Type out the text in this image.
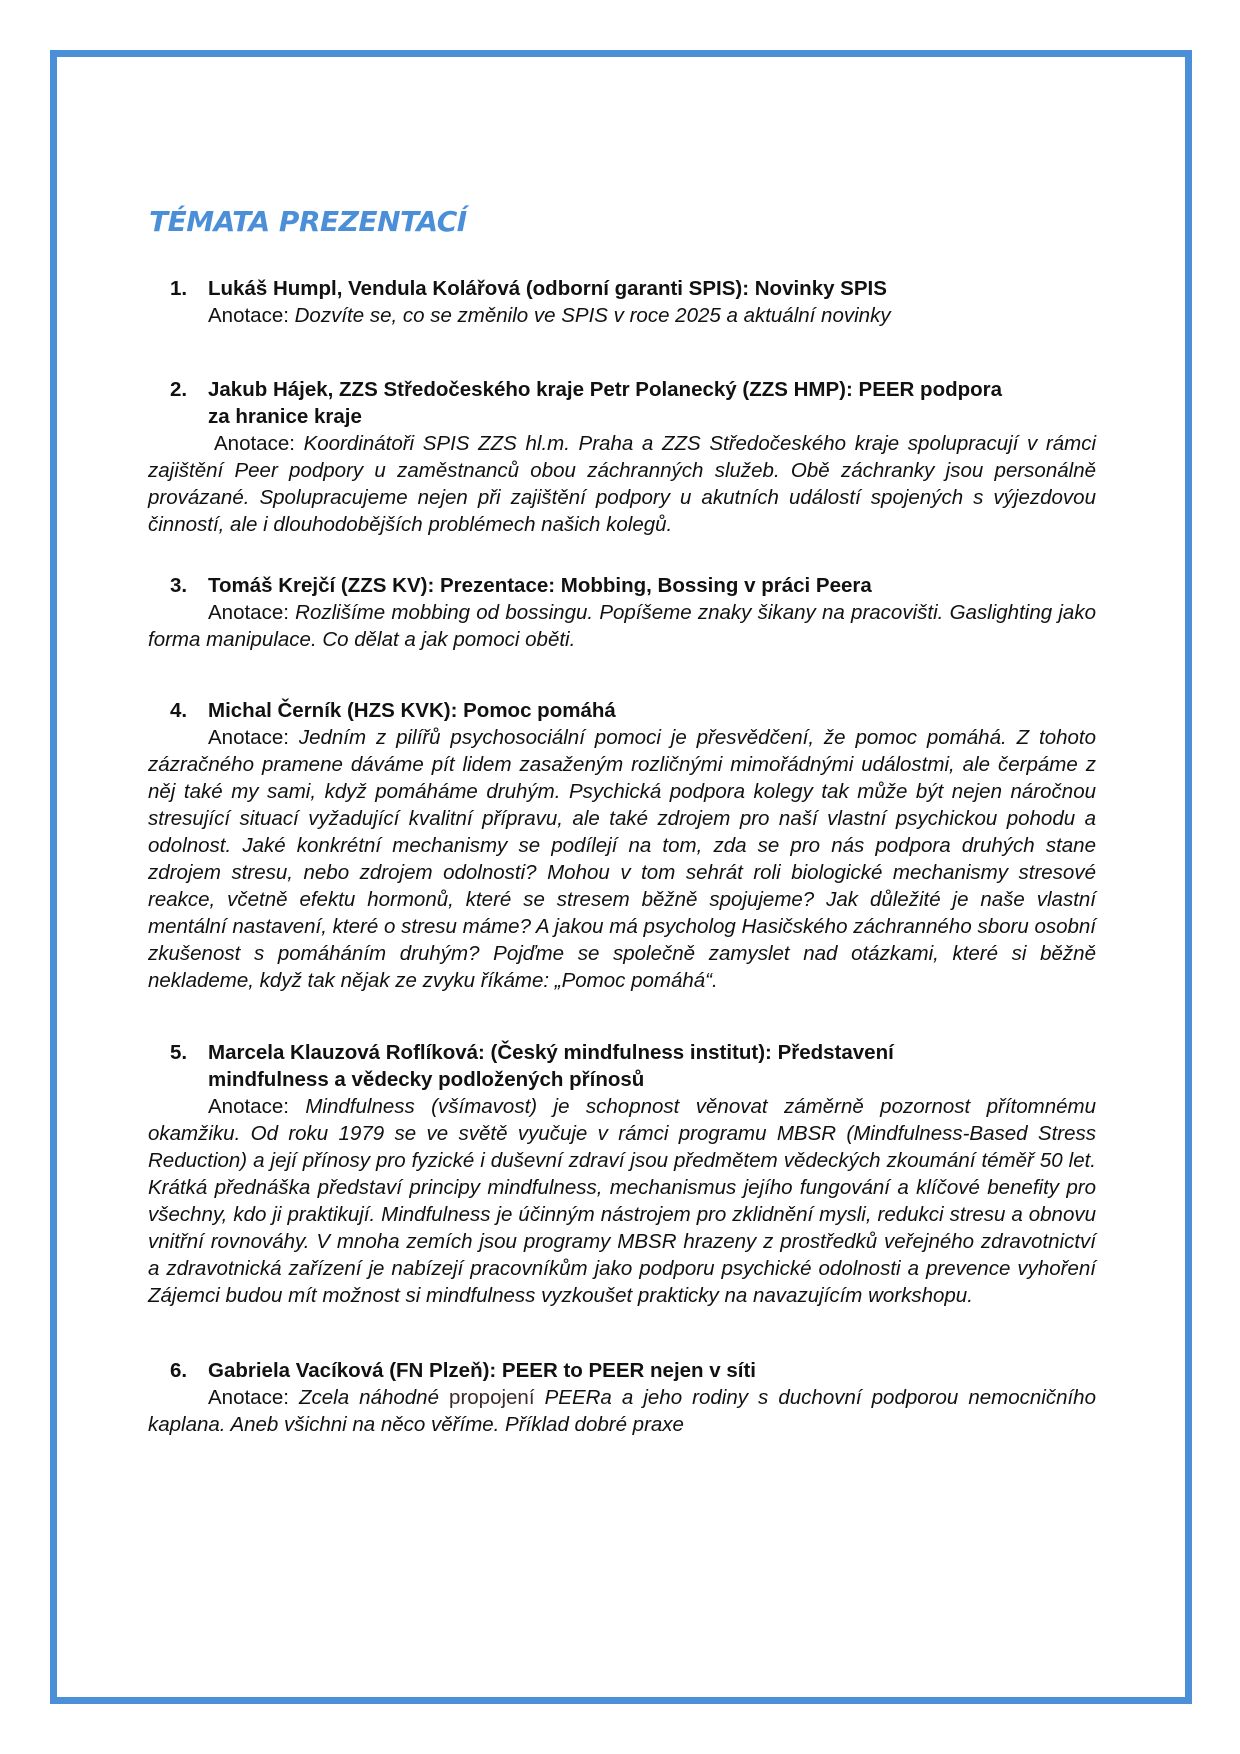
TÉMATA PREZENTACÍ
1.	Lukáš Humpl, Vendula Kolářová (odborní garanti SPIS): Novinky SPIS
Anotace: Dozvíte se, co se změnilo ve SPIS v roce 2025 a aktuální novinky
2.	Jakub Hájek, ZZS Středočeského kraje Petr Polanecký (ZZS HMP): PEER podpora za hranice kraje
Anotace: Koordinátoři SPIS ZZS hl.m. Praha a ZZS Středočeského kraje spolupracují v rámci zajištění Peer podpory u zaměstnanců obou záchranných služeb. Obě záchranky jsou personálně provázané. Spolupracujeme nejen při zajištění podpory u akutních událostí spojených s výjezdovou činností, ale i dlouhodobějších problémech našich kolegů.
3.	Tomáš Krejčí (ZZS KV): Prezentace: Mobbing, Bossing v práci Peera
Anotace: Rozlišíme mobbing od bossingu. Popíšeme znaky šikany na pracovišti. Gaslighting jako forma manipulace. Co dělat a jak pomoci oběti.
4.	Michal Černík (HZS KVK): Pomoc pomáhá
Anotace: Jedním z pilířů psychosociální pomoci je přesvědčení, že pomoc pomáhá. Z tohoto zázračného pramene dáváme pít lidem zasaženým rozličnými mimořádnými událostmi, ale čerpáme z něj také my sami, když pomáháme druhým. Psychická podpora kolegy tak může být nejen náročnou stresující situací vyžadující kvalitní přípravu, ale také zdrojem pro naší vlastní psychickou pohodu a odolnost. Jaké konkrétní mechanismy se podílejí na tom, zda se pro nás podpora druhých stane zdrojem stresu, nebo zdrojem odolnosti? Mohou v tom sehrát roli biologické mechanismy stresové reakce, včetně efektu hormonů, které se stresem běžně spojujeme? Jak důležité je naše vlastní mentální nastavení, které o stresu máme? A jakou má psycholog Hasičského záchranného sboru osobní zkušenost s pomáháním druhým? Pojďme se společně zamyslet nad otázkami, které si běžně neklademe, když tak nějak ze zvyku říkáme: „Pomoc pomáhá“.
5.	Marcela Klauzová Roflíková: (Český mindfulness institut): Představení mindfulness a vědecky podložených přínosů
Anotace: Mindfulness (všímavost) je schopnost věnovat záměrně pozornost přítomnému okamžiku. Od roku 1979 se ve světě vyučuje v rámci programu MBSR (Mindfulness-Based Stress Reduction) a její přínosy pro fyzické i duševní zdraví jsou předmětem vědeckých zkoumání téměř 50 let. Krátká přednáška představí principy mindfulness, mechanismus jejího fungování a klíčové benefity pro všechny, kdo ji praktikují. Mindfulness je účinným nástrojem pro zklidnění mysli, redukci stresu a obnovu vnitřní rovnováhy. V mnoha zemích jsou programy MBSR hrazeny z prostředků veřejného zdravotnictví a zdravotnická zařízení je nabízejí pracovníkům jako podporu psychické odolnosti a prevence vyhoření Zájemci budou mít možnost si mindfulness vyzkoušet prakticky na navazujícím workshopu.
6.	Gabriela Vacíková (FN Plzeň): PEER to PEER nejen v síti
Anotace: Zcela náhodné propojení PEERa a jeho rodiny s duchovní podporou nemocničního kaplana. Aneb všichni na něco věříme. Příklad dobré praxe
